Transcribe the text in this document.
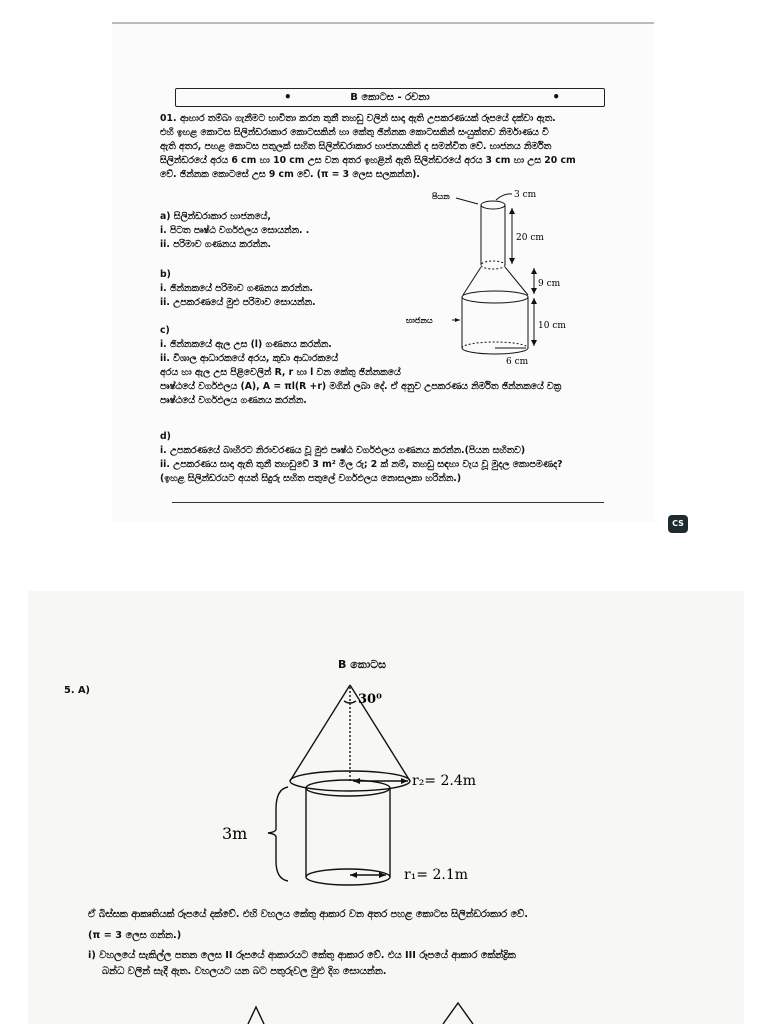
•	B කොටස - රචනා	•
01. ආහාර තම්බා ගැනීමට භාවිතා කරන තුනී තහඩු වලින් සාදා ඇති උපකරණයක් රූපයේ දක්වා ඇත.
එහි ඉහළ කොටස සිලින්ඩරාකාර කොටසකින් හා කේතු ඡින්නක කොටසකින් සංයුක්තව නිර්මාණය වී
ඇති අතර, පහළ කොටස පතුලක් සහිත සිලින්ඩරාකාර භාජනයකින් ද සමන්විත වේ. භාජනය නිර්මිත
සිලින්ඩරයේ අරය 6 cm හා 10 cm උස වන අතර ඉහළින් ඇති සිලින්ඩරයේ අරය 3 cm හා උස 20 cm
වේ. ඡින්නක කොටසේ උස 9 cm වේ. (π = 3 ලෙස සලකන්න).
a) සිලින්ඩරාකාර භාජනයේ,
i. පිටත පෘෂ්ඨ වර්ගඵලය සොයන්න. .
ii. පරිමාව ගණනය කරන්න.
b)
i. ඡින්නකයේ පරිමාව ගණනය කරන්න.
ii. උපකරණයේ මුළු පරිමාව සොයන්න.
c)
i. ඡින්නකයේ ඇල උස (l) ගණනය කරන්න.
ii. විශාල ආධාරකයේ අරය, කුඩා ආධාරකයේ
අරය හා ඇල උස පිළිවෙලින් R, r හා l වන කේතු ඡින්නකයේ
පෘෂ්ඨයේ වර්ගඵලය (A), A = πl(R +r) මගින් ලබා දේ. ඒ අනුව උපකරණය නිර්මිත ඡින්නකයේ වක්‍ර
පෘෂ්ඨයේ වර්ගඵලය ගණනය කරන්න.
d)
i. උපකරණයේ බාහිරට නිරාවරණය වූ මුළු පෘෂ්ඨ වර්ගඵලය ගණනය කරන්න.(පියන සහිතව)
ii. උපකරණය සාදා ඇති තුනී තහඩුවේ 3 m² මිල රු; 2 ක් නම්, තහඩු සඳහා වැය වූ මුදල කොපමණද?
(ඉහළ සිලින්ඩරයට අයත් සිදුරු සහිත පතුලේ වර්ගඵලය නොසලකා හරින්න.)
පියන	3 cm
20 cm
9 cm
10 cm
භාජනය
6 cm
CS
B කොටස
5. A)
30⁰
r₂= 2.4m
r₁= 2.1m
3m
ඒ බිස්සක ආකෘතියක් රූපයේ දක්වේ. එහි වහලය කේතු ආකාර වන අතර පහළ කොටස සිලින්ඩරාකාර වේ.
(π = 3 ලෙස ගන්න.)
i) වහලයේ සැකිල්ල පතන ලෙස II රූපයේ ආකාරයට කේතු ආකාර වේ. එය III රූපයේ ආකාර කේන්ද්‍රික
බන්ධ වලින් සැදී ඇත. වහලයට යන බට පතුරුවල මුළු දිග සොයන්න.
